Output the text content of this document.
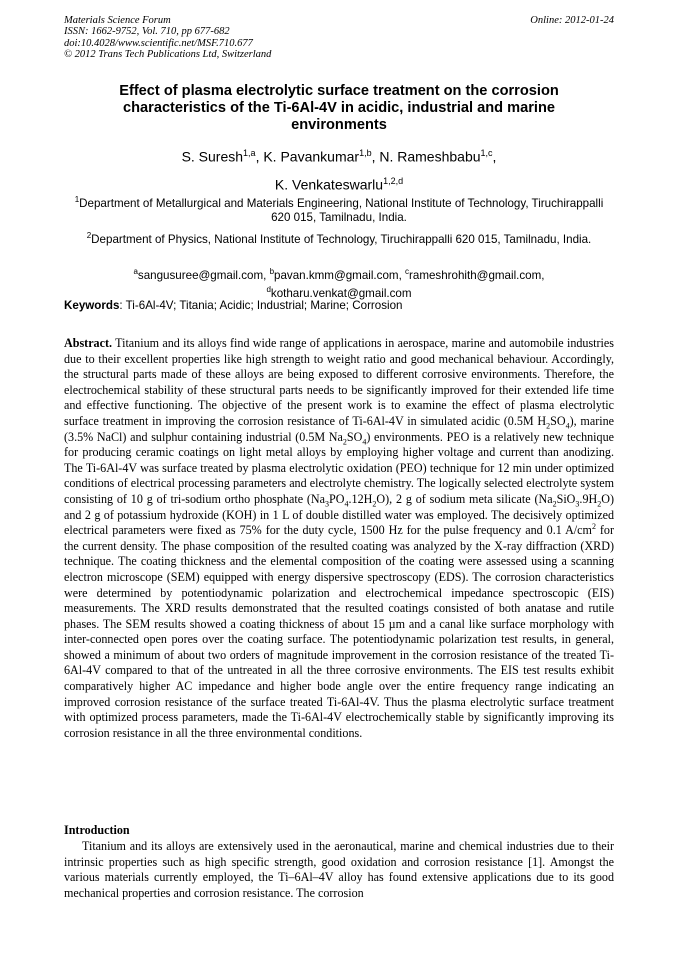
Materials Science Forum
ISSN: 1662-9752, Vol. 710, pp 677-682
doi:10.4028/www.scientific.net/MSF.710.677
© 2012 Trans Tech Publications Ltd, Switzerland
Online: 2012-01-24
Effect of plasma electrolytic surface treatment on the corrosion characteristics of the Ti-6Al-4V in acidic, industrial and marine environments
S. Suresh$^{1,a}$, K. Pavankumar$^{1,b}$, N. Rameshbabu$^{1,c}$,
K. Venkateswarlu$^{1,2,d}$
$^1$Department of Metallurgical and Materials Engineering, National Institute of Technology, Tiruchirappalli 620 015, Tamilnadu, India.
$^2$Department of Physics, National Institute of Technology, Tiruchirappalli 620 015, Tamilnadu, India.
$^a$sangusuree@gmail.com, $^b$pavan.kmm@gmail.com, $^c$rameshrohith@gmail.com,
$^d$kotharu.venkat@gmail.com
Keywords: Ti-6Al-4V; Titania; Acidic; Industrial; Marine; Corrosion
Abstract. Titanium and its alloys find wide range of applications in aerospace, marine and automobile industries due to their excellent properties like high strength to weight ratio and good mechanical behaviour. Accordingly, the structural parts made of these alloys are being exposed to different corrosive environments. Therefore, the electrochemical stability of these structural parts needs to be significantly improved for their extended life time and effective functioning. The objective of the present work is to examine the effect of plasma electrolytic surface treatment in improving the corrosion resistance of Ti-6Al-4V in simulated acidic (0.5M $H_2SO_4$), marine (3.5% NaCl) and sulphur containing industrial (0.5M $Na_2SO_4$) environments. PEO is a relatively new technique for producing ceramic coatings on light metal alloys by employing higher voltage and current than anodizing. The Ti-6Al-4V was surface treated by plasma electrolytic oxidation (PEO) technique for 12 min under optimized conditions of electrical processing parameters and electrolyte chemistry. The logically selected electrolyte system consisting of 10 g of tri-sodium ortho phosphate $(Na_3PO_4.12H_2O)$, 2 g of sodium meta silicate $(Na_2SiO_3.9H_2O)$ and 2 g of potassium hydroxide (KOH) in 1 L of double distilled water was employed. The decisively optimized electrical parameters were fixed as 75% for the duty cycle, 1500 Hz for the pulse frequency and 0.1 $A/cm^2$ for the current density. The phase composition of the resulted coating was analyzed by the X-ray diffraction (XRD) technique. The coating thickness and the elemental composition of the coating were assessed using a scanning electron microscope (SEM) equipped with energy dispersive spectroscopy (EDS). The corrosion characteristics were determined by potentiodynamic polarization and electrochemical impedance spectroscopic (EIS) measurements. The XRD results demonstrated that the resulted coatings consisted of both anatase and rutile phases. The SEM results showed a coating thickness of about 15 µm and a canal like surface morphology with inter-connected open pores over the coating surface. The potentiodynamic polarization test results, in general, showed a minimum of about two orders of magnitude improvement in the corrosion resistance of the treated Ti-6Al-4V compared to that of the untreated in all the three corrosive environments. The EIS test results exhibit comparatively higher AC impedance and higher bode angle over the entire frequency range indicating an improved corrosion resistance of the surface treated Ti-6Al-4V. Thus the plasma electrolytic surface treatment with optimized process parameters, made the Ti-6Al-4V electrochemically stable by significantly improving its corrosion resistance in all the three environmental conditions.
Introduction
Titanium and its alloys are extensively used in the aeronautical, marine and chemical industries due to their intrinsic properties such as high specific strength, good oxidation and corrosion resistance [1]. Amongst the various materials currently employed, the Ti–6Al–4V alloy has found extensive applications due to its good mechanical properties and corrosion resistance. The corrosion
